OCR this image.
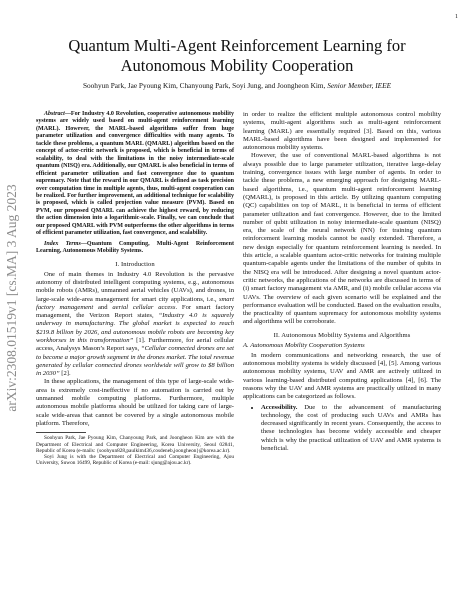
1
Quantum Multi-Agent Reinforcement Learning for
Autonomous Mobility Cooperation
Soohyun Park, Jae Pyoung Kim, Chanyoung Park, Soyi Jung, and Joongheon Kim, Senior Member, IEEE
arXiv:2308.01519v1 [cs.MA] 3 Aug 2023

Abstract—For Industry 4.0 Revolution, cooperative autonomous mobility systems are widely used based on multi-agent reinforcement learning (MARL). However, the MARL-based algorithms suffer from huge parameter utilization and convergence difficulties with many agents. To tackle these problems, a quantum MARL (QMARL) algorithm based on the concept of actor-critic network is proposed, which is beneficial in terms of scalability, to deal with the limitations in the noisy intermediate-scale quantum (NISQ) era. Additionally, our QMARL is also beneficial in terms of efficient parameter utilization and fast convergence due to quantum supremacy. Note that the reward in our QMARL is defined as task precision over computation time in multiple agents, thus, multi-agent cooperation can be realized. For further improvement, an additional technique for scalability is proposed, which is called projection value measure (PVM). Based on PVM, our proposed QMARL can achieve the highest reward, by reducing the action dimension into a logarithmic-scale. Finally, we can conclude that our proposed QMARL with PVM outperforms the other algorithms in terms of efficient parameter utilization, fast convergence, and scalability.

Index Terms—Quantum Computing, Multi-Agent Reinforcement Learning, Autonomous Mobility Systems.

I. Introduction

One of main themes in Industry 4.0 Revolution is the pervasive autonomy of distributed intelligent computing systems, e.g., autonomous mobile robots (AMRs), unmanned aerial vehicles (UAVs), and drones, in large-scale wide-area management for smart city applications, i.e., smart factory management and aerial cellular access. For smart factory management, the Verizon Report states, “Industry 4.0 is squarely underway in manufacturing. The global market is expected to reach $219.8 billion by 2026, and autonomous mobile robots are becoming key workhorses in this transformation” [1]. Furthermore, for aerial cellular access, Analysys Mason’s Report says, “Cellular connected drones are set to become a major growth segment in the drones market. The total revenue generated by cellular connected drones worldwide will grow to $8 billion in 2030” [2].

In these applications, the management of this type of large-scale wide-area is extremely cost-ineffective if no automation is carried out by unmanned mobile computing platforms. Furthermore, multiple autonomous mobile platforms should be utilized for taking care of large-scale wide-areas that cannot be covered by a single autonomous mobile platform. Therefore,

Soohyun Park, Jae Pyoung Kim, Chanyoung Park, and Joongheon Kim are with the Department of Electrical and Computer Engineering, Korea University, Seoul 02841, Republic of Korea (e-mails: {soohyun828,paulkim436,cosdeneb,joongheon}@korea.ac.kr).

Soyi Jung is with the Department of Electrical and Computer Engineering, Ajou University, Suwon 16499, Republic of Korea (e-mail: sjung@ajou.ac.kr).

in order to realize the efficient multiple autonomous control mobility systems, multi-agent algorithms such as multi-agent reinforcement learning (MARL) are essentially required [3]. Based on this, various MARL-based algorithms have been designed and implemented for autonomous mobility systems.

However, the use of conventional MARL-based algorithms is not always possible due to large parameter utilization, iterative large-delay training, convergence issues with large number of agents. In order to tackle these problems, a new emerging approach for designing MARL-based algorithms, i.e., quantum multi-agent reinforcement learning (QMARL), is proposed in this article. By utilizing quantum computing (QC) capabilities on top of MARL, it is beneficial in terms of efficient parameter utilization and fast convergence. However, due to the limited number of qubit utilization in noisy intermediate-scale quantum (NISQ) era, the scale of the neural network (NN) for training quantum reinforcement learning models cannot be easily extended. Therefore, a new design especially for quantum reinforcement learning is needed. In this article, a scalable quantum actor-critic networks for training multiple quantum-capable agents under the limitations of the number of qubits in the NISQ era will be introduced. After designing a novel quantum actor-critic networks, the applications of the networks are discussed in terms of (i) smart factory management via AMR, and (ii) mobile cellular access via UAVs. The overview of each given scenario will be explained and the performance evaluation will be conducted. Based on the evaluation results, the practicality of quantum supremacy for autonomous mobility systems and algorithms will be corroborate.

II. Autonomous Mobility Systems and Algorithms
A. Autonomous Mobility Cooperation Systems

In modern communications and networking research, the use of autonomous mobility systems is widely discussed [4], [5]. Among various autonomous mobility systems, UAV and AMR are actively utilized in various learning-based distributed computing applications [4], [6]. The reasons why the UAV and AMR systems are practically utilized in many applications can be categorized as follows.

• Accessibility. Due to the advancement of manufacturing technology, the cost of producing such UAVs and AMRs has decreased significantly in recent years. Consequently, the access to these technologies has become widely accessible and cheaper which is why the practical utilization of UAV and AMR systems is beneficial.
